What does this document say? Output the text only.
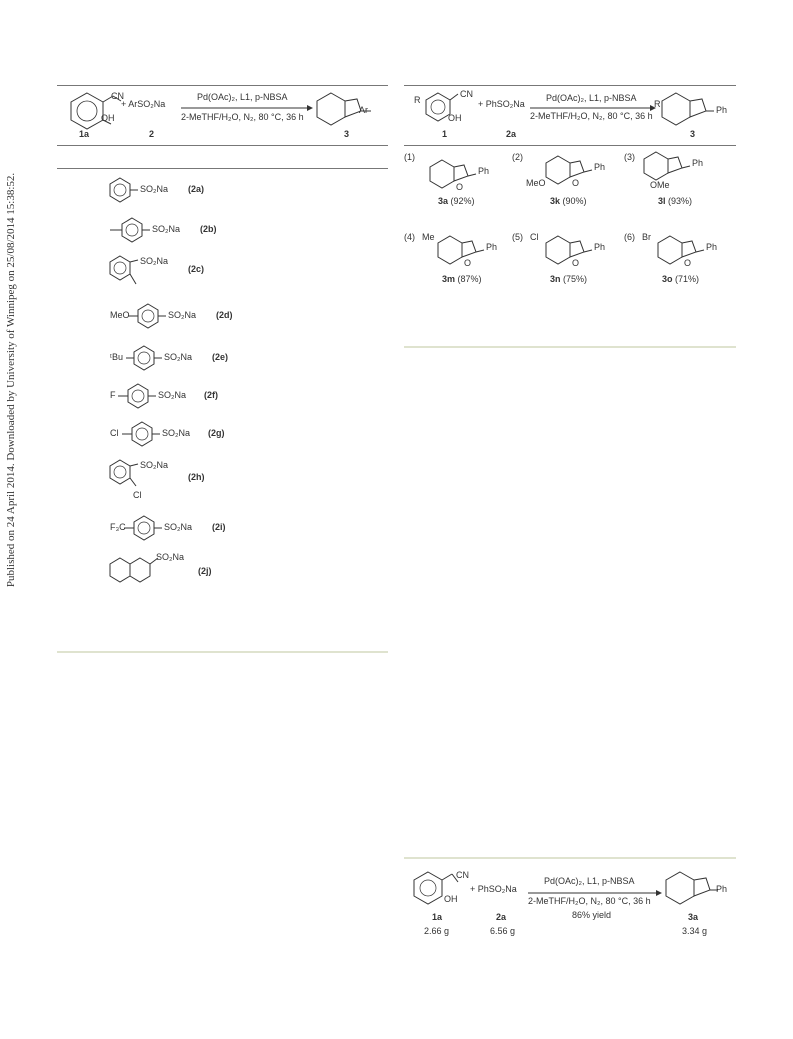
Published on 24 April 2014. Downloaded by University of Winnipeg on 25/08/2014 15:38:52.
CN
OH
+ ArSO₂Na
Pd(OAc)₂, L1, p-NBSA
2-MeTHF/H₂O, N₂, 80 °C, 36 h
Ar
1a	2	3
SO₂Na (2a)
SO₂Na (2b)
SO₂Na
(2c)
MeO	SO₂Na (2d)
ᵗBu	SO₂Na (2e)
F	SO₂Na (2f)
Cl	SO₂Na (2g)
SO₂Na
Cl
(2h)
F₃C	SO₂Na (2i)
SO₂Na
(2j)
R
CN
OH
+ PhSO₂Na
Pd(OAc)₂, L1, p-NBSA
2-MeTHF/H₂O, N₂, 80 °C, 36 h
R
Ph
1	2a	3
(1)
Ph
O
3a (92%)
(2)
Ph
MeO	O
3k (90%)
(3)
Ph
OMe
3l (93%)
(4) Me
Ph
O
3m (87%)
(5) Cl
Ph
O
3n (75%)
(6) Br
Ph
O
3o (71%)
CN
OH
+ PhSO₂Na
Pd(OAc)₂, L1, p-NBSA
2-MeTHF/H₂O, N₂, 80 °C, 36 h
86% yield
Ph
1a	2a	3a
2.66 g	6.56 g	3.34 g
